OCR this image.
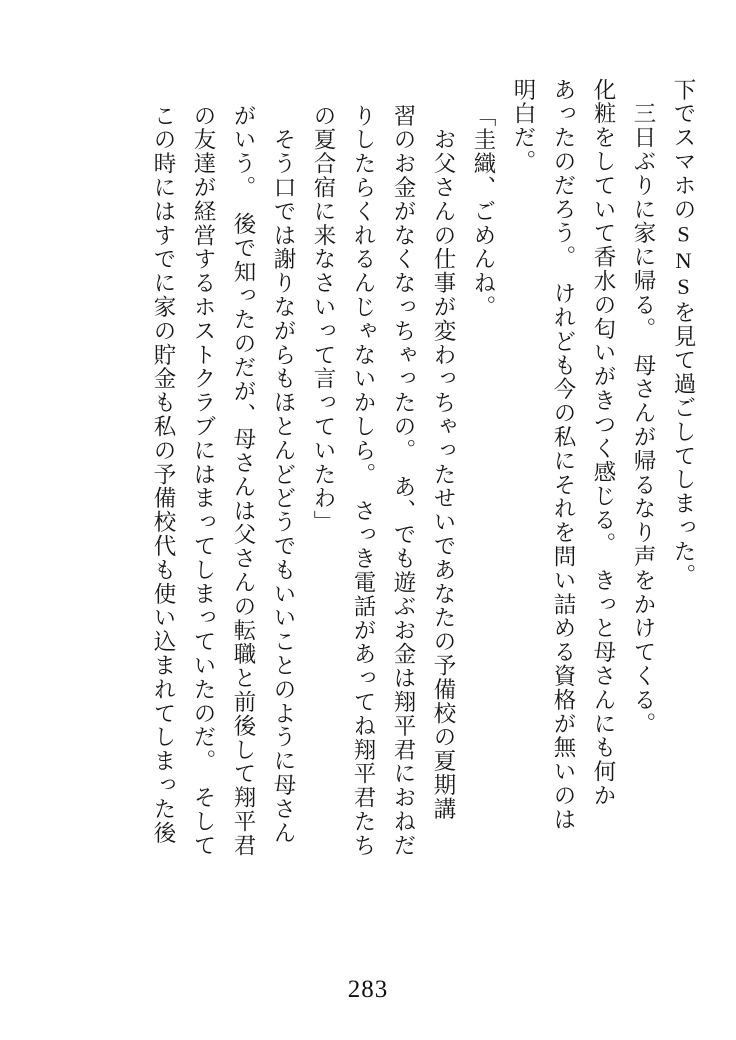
下でスマホのSNSを見て過ごしてしまった。
　三日ぶりに家に帰る。　母さんが帰るなり声をかけてくる。
化粧をしていて香水の匂いがきつく感じる。　きっと母さんにも何か
あったのだろう。　けれども今の私にそれを問い詰める資格が無いのは
明白だ。
「圭織、ごめんね。
　お父さんの仕事が変わっちゃったせいであなたの予備校の夏期講
習のお金がなくなっちゃったの。　あ、でも遊ぶお金は翔平君におねだ
りしたらくれるんじゃないかしら。　さっき電話があってね翔平君たち
の夏合宿に来なさいって言っていたわ」
　そう口では謝りながらもほとんどどうでもいいことのように母さん
がいう。　後で知ったのだが、母さんは父さんの転職と前後して翔平君
の友達が経営するホストクラブにはまってしまっていたのだ。　そして
この時にはすでに家の貯金も私の予備校代も使い込まれてしまった後
283
